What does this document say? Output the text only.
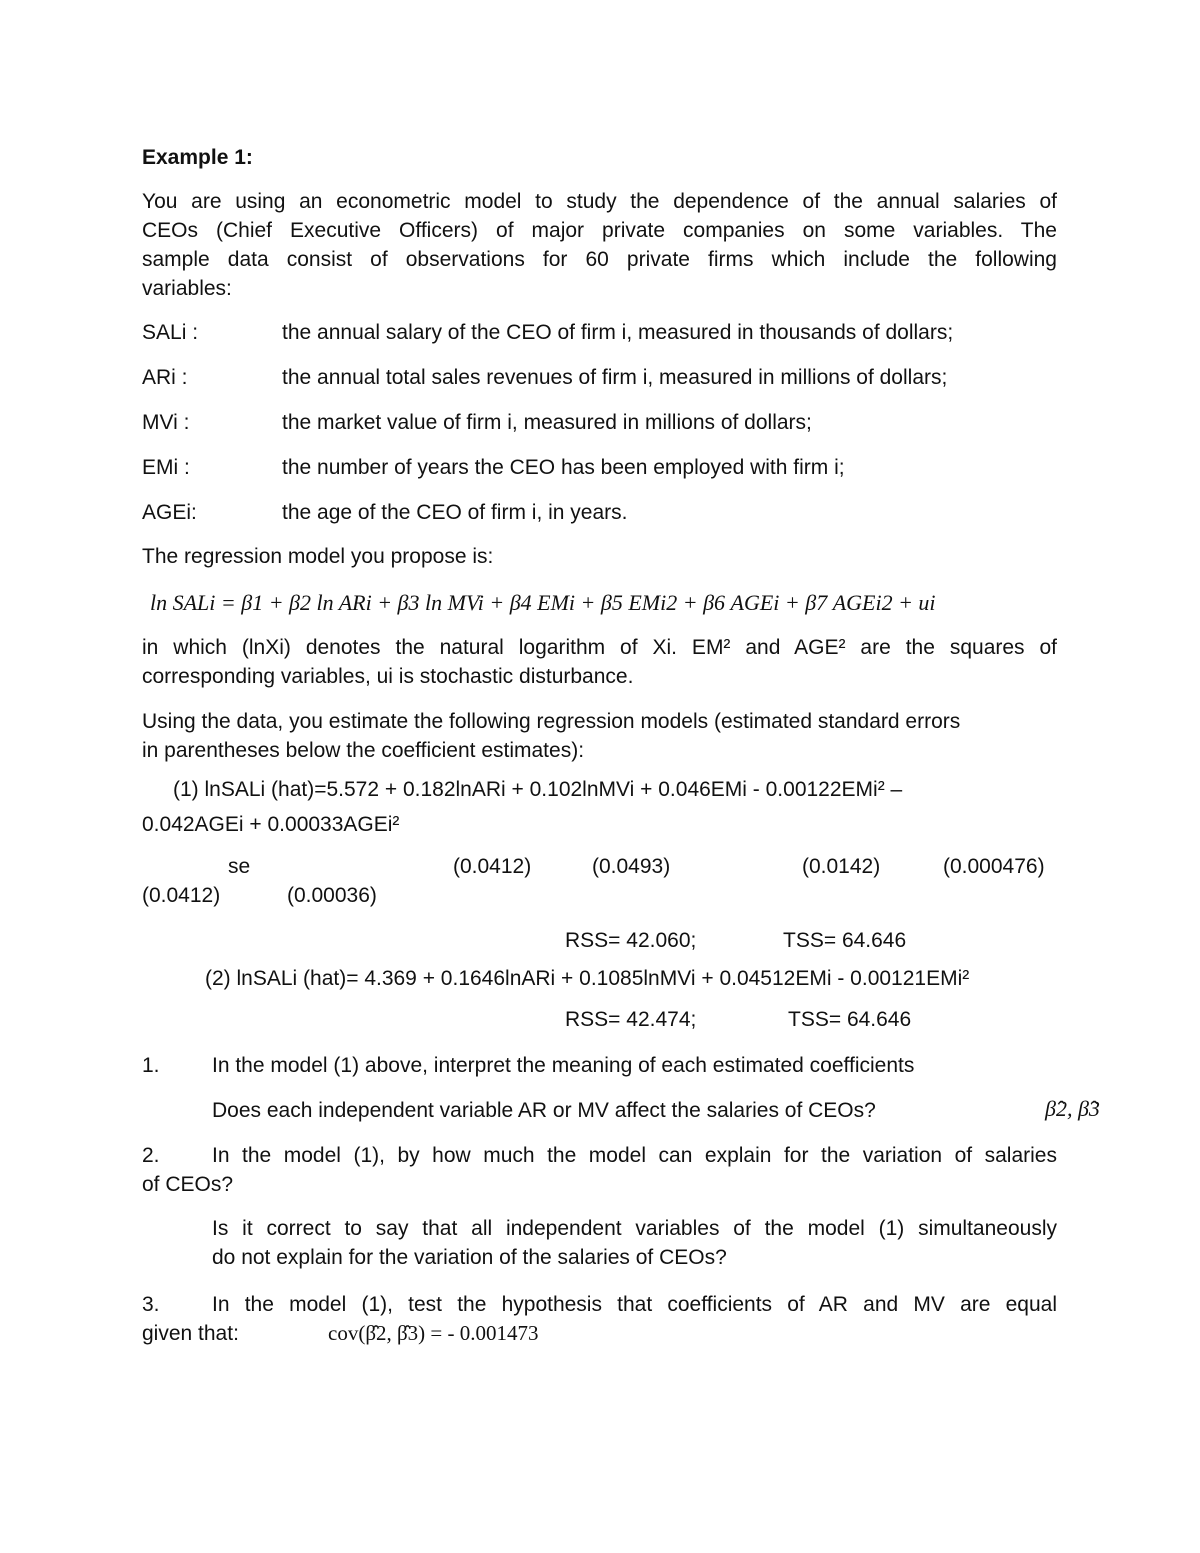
Example 1:
You are using an econometric model to study the dependence of the annual salaries of
CEOs (Chief Executive Officers) of major private companies on some variables. The
sample data consist of observations for 60 private firms which include the following
variables:
SALi :	the annual salary of the CEO of firm i, measured in thousands of dollars;
ARi :	the annual total sales revenues of firm i, measured in millions of dollars;
MVi :	the market value of firm i, measured in millions of dollars;
EMi :	the number of years the CEO has been employed with firm i;
AGEi:	the age of the CEO of firm i, in years.
The regression model you propose is:
ln SALi = β1 + β2 ln ARi + β3 ln MVi + β4 EMi + β5 EMi2 + β6 AGEi + β7 AGEi2 + ui
in which (lnXi) denotes the natural logarithm of Xi. EM² and AGE² are the squares of
corresponding variables, ui is stochastic disturbance.
Using the data, you estimate the following regression models (estimated standard errors
in parentheses below the coefficient estimates):
(1) lnSALi (hat)=5.572 + 0.182lnARi + 0.102lnMVi + 0.046EMi - 0.00122EMi² –
0.042AGEi + 0.00033AGEi²
se	(0.0412)	(0.0493)	(0.0142)	(0.000476)
(0.0412)	(0.00036)
RSS= 42.060;	TSS= 64.646
(2) lnSALi (hat)= 4.369 + 0.1646lnARi + 0.1085lnMVi + 0.04512EMi - 0.00121EMi²
RSS= 42.474;	TSS= 64.646
1. In the model (1) above, interpret the meaning of each estimated coefficients
Does each independent variable AR or MV affect the salaries of CEOs?	β̂2, β̂3
2. In the model (1), by how much the model can explain for the variation of salaries
of CEOs?
Is it correct to say that all independent variables of the model (1) simultaneously
do not explain for the variation of the salaries of CEOs?
3. In the model (1), test the hypothesis that coefficients of AR and MV are equal
given that:	cov(β̂2, β̂3) = - 0.001473
